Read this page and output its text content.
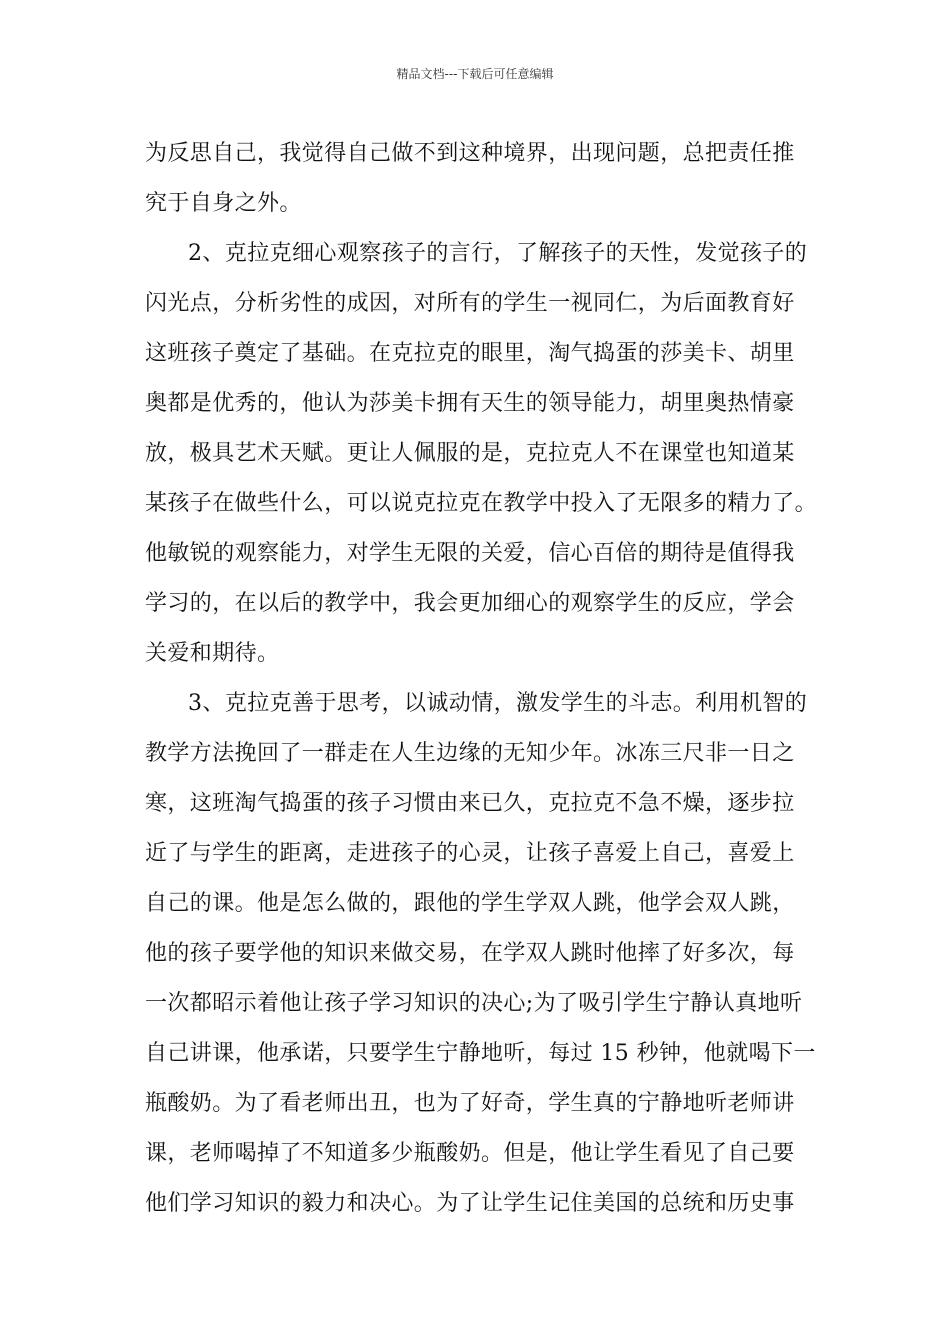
精品文档---下载后可任意编辑
为反思自己，我觉得自己做不到这种境界，出现问题，总把责任推
究于自身之外。
2、克拉克细心观察孩子的言行，了解孩子的天性，发觉孩子的
闪光点，分析劣性的成因，对所有的学生一视同仁，为后面教育好
这班孩子奠定了基础。在克拉克的眼里，淘气捣蛋的莎美卡、胡里
奥都是优秀的，他认为莎美卡拥有天生的领导能力，胡里奥热情豪
放，极具艺术天赋。更让人佩服的是，克拉克人不在课堂也知道某
某孩子在做些什么，可以说克拉克在教学中投入了无限多的精力了。
他敏锐的观察能力，对学生无限的关爱，信心百倍的期待是值得我
学习的，在以后的教学中，我会更加细心的观察学生的反应，学会
关爱和期待。
3、克拉克善于思考，以诚动情，激发学生的斗志。利用机智的
教学方法挽回了一群走在人生边缘的无知少年。冰冻三尺非一日之
寒，这班淘气捣蛋的孩子习惯由来已久，克拉克不急不燥，逐步拉
近了与学生的距离，走进孩子的心灵，让孩子喜爱上自己，喜爱上
自己的课。他是怎么做的，跟他的学生学双人跳，他学会双人跳，
他的孩子要学他的知识来做交易，在学双人跳时他摔了好多次，每
一次都昭示着他让孩子学习知识的决心;为了吸引学生宁静认真地听
自己讲课，他承诺，只要学生宁静地听，每过 15 秒钟，他就喝下一
瓶酸奶。为了看老师出丑，也为了好奇，学生真的宁静地听老师讲
课，老师喝掉了不知道多少瓶酸奶。但是，他让学生看见了自己要
他们学习知识的毅力和决心。为了让学生记住美国的总统和历史事
